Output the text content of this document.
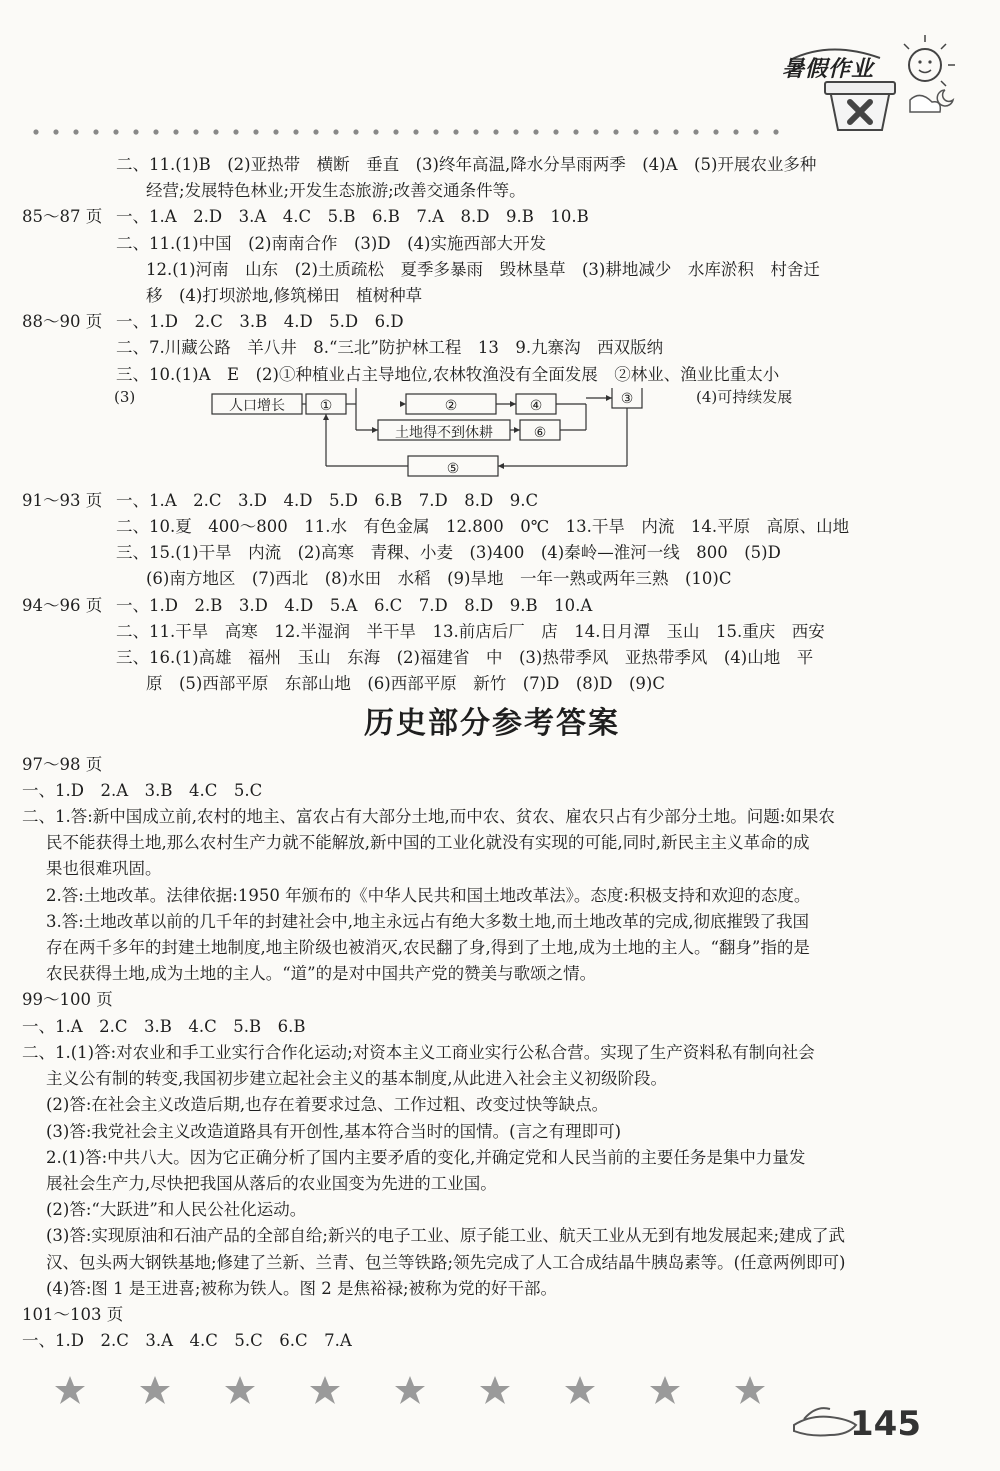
暑假作业
二、11.(1)B　(2)亚热带　横断　垂直　(3)终年高温,降水分旱雨两季　(4)A　(5)开展农业多种
经营;发展特色林业;开发生态旅游;改善交通条件等。
85～87 页 一、1.A　2.D　3.A　4.C　5.B　6.B　7.A　8.D　9.B　10.B
二、11.(1)中国　(2)南南合作　(3)D　(4)实施西部大开发
12.(1)河南　山东　(2)土质疏松　夏季多暴雨　毁林垦草　(3)耕地减少　水库淤积　村舍迁
移　(4)打坝淤地,修筑梯田　植树种草
88～90 页 一、1.D　2.C　3.B　4.D　5.D　6.D
二、7.川藏公路　羊八井　8.“三北”防护林工程　13　9.九寨沟　西双版纳
三、10.(1)A　E　(2)①种植业占主导地位,农林牧渔没有全面发展　②林业、渔业比重太小
(3)	(4)可持续发展
人口增长	①	②	④	③
土地得不到休耕	⑥
⑤
91～93 页 一、1.A　2.C　3.D　4.D　5.D　6.B　7.D　8.D　9.C
二、10.夏　400～800　11.水　有色金属　12.800　0℃　13.干旱　内流　14.平原　高原、山地
三、15.(1)干旱　内流　(2)高寒　青稞、小麦　(3)400　(4)秦岭—淮河一线　800　(5)D
(6)南方地区　(7)西北　(8)水田　水稻　(9)旱地　一年一熟或两年三熟　(10)C
94～96 页 一、1.D　2.B　3.D　4.D　5.A　6.C　7.D　8.D　9.B　10.A
二、11.干旱　高寒　12.半湿润　半干旱　13.前店后厂　店　14.日月潭　玉山　15.重庆　西安
三、16.(1)高雄　福州　玉山　东海　(2)福建省　中　(3)热带季风　亚热带季风　(4)山地　平
原　(5)西部平原　东部山地　(6)西部平原　新竹　(7)D　(8)D　(9)C
历史部分参考答案
97～98 页
一、1.D　2.A　3.B　4.C　5.C
二、1.答:新中国成立前,农村的地主、富农占有大部分土地,而中农、贫农、雇农只占有少部分土地。问题:如果农
民不能获得土地,那么农村生产力就不能解放,新中国的工业化就没有实现的可能,同时,新民主主义革命的成
果也很难巩固。
2.答:土地改革。法律依据:1950 年颁布的《中华人民共和国土地改革法》。态度:积极支持和欢迎的态度。
3.答:土地改革以前的几千年的封建社会中,地主永远占有绝大多数土地,而土地改革的完成,彻底摧毁了我国
存在两千多年的封建土地制度,地主阶级也被消灭,农民翻了身,得到了土地,成为土地的主人。“翻身”指的是
农民获得土地,成为土地的主人。“道”的是对中国共产党的赞美与歌颂之情。
99～100 页
一、1.A　2.C　3.B　4.C　5.B　6.B
二、1.(1)答:对农业和手工业实行合作化运动;对资本主义工商业实行公私合营。实现了生产资料私有制向社会
主义公有制的转变,我国初步建立起社会主义的基本制度,从此进入社会主义初级阶段。
(2)答:在社会主义改造后期,也存在着要求过急、工作过粗、改变过快等缺点。
(3)答:我党社会主义改造道路具有开创性,基本符合当时的国情。(言之有理即可)
2.(1)答:中共八大。因为它正确分析了国内主要矛盾的变化,并确定党和人民当前的主要任务是集中力量发
展社会生产力,尽快把我国从落后的农业国变为先进的工业国。
(2)答:“大跃进”和人民公社化运动。
(3)答:实现原油和石油产品的全部自给;新兴的电子工业、原子能工业、航天工业从无到有地发展起来;建成了武
汉、包头两大钢铁基地;修建了兰新、兰青、包兰等铁路;领先完成了人工合成结晶牛胰岛素等。(任意两例即可)
(4)答:图 1 是王进喜;被称为铁人。图 2 是焦裕禄;被称为党的好干部。
101～103 页
一、1.D　2.C　3.A　4.C　5.C　6.C　7.A
145
